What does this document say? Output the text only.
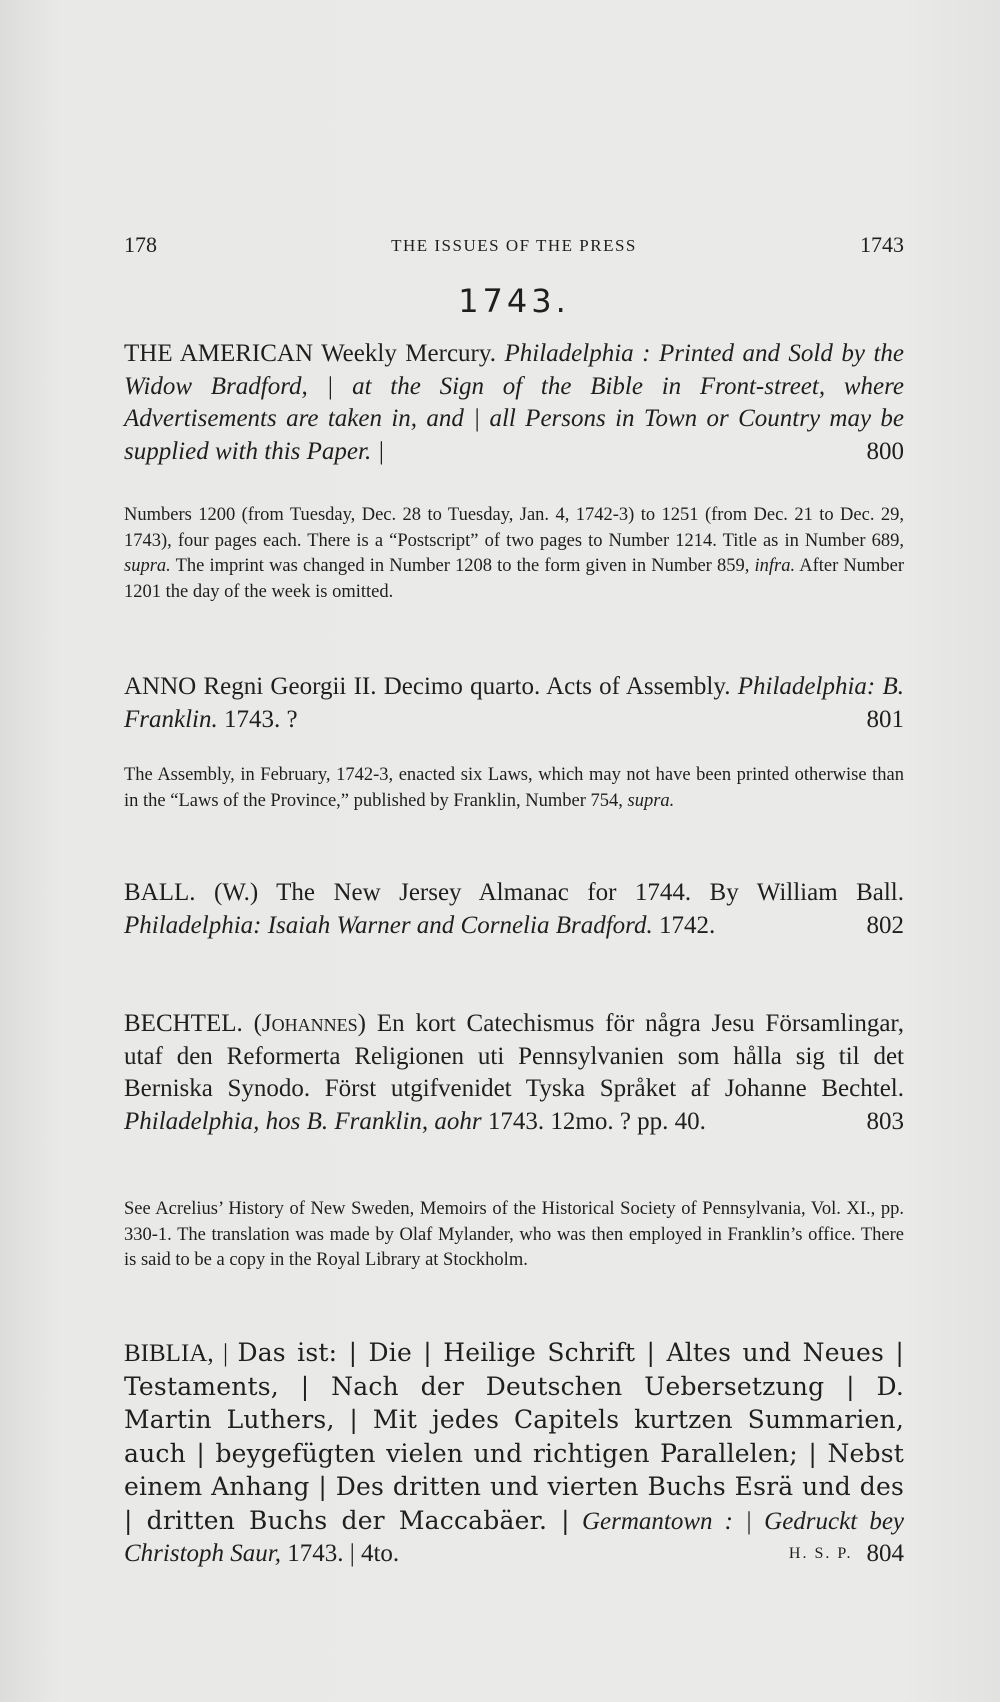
178	THE ISSUES OF THE PRESS	1743
1743.
THE AMERICAN Weekly Mercury. Philadelphia : Printed and Sold by the Widow Bradford, | at the Sign of the Bible in Front-street, where Advertisements are taken in, and | all Persons in Town or Country may be supplied with this Paper. |	800
Numbers 1200 (from Tuesday, Dec. 28 to Tuesday, Jan. 4, 1742-3) to 1251 (from Dec. 21 to Dec. 29, 1743), four pages each. There is a “Postscript” of two pages to Number 1214. Title as in Number 689, supra. The imprint was changed in Number 1208 to the form given in Number 859, infra. After Number 1201 the day of the week is omitted.
ANNO Regni Georgii II. Decimo quarto. Acts of Assembly. Philadelphia: B. Franklin. 1743. ?	801
The Assembly, in February, 1742-3, enacted six Laws, which may not have been printed otherwise than in the “Laws of the Province,” published by Franklin, Number 754, supra.
BALL. (W.) The New Jersey Almanac for 1744. By William Ball. Philadelphia: Isaiah Warner and Cornelia Bradford. 1742.	802
BECHTEL. (Johannes) En kort Catechismus för några Jesu Församlingar, utaf den Reformerta Religionen uti Pennsylvanien som hålla sig til det Berniska Synodo. Först utgifvenidet Tyska Språket af Johanne Bechtel. Philadelphia, hos B. Franklin, aohr 1743. 12mo. ? pp. 40.	803
See Acrelius’ History of New Sweden, Memoirs of the Historical Society of Pennsylvania, Vol. XI., pp. 330-1. The translation was made by Olaf Mylander, who was then employed in Franklin’s office. There is said to be a copy in the Royal Library at Stockholm.
BIBLIA, | Das ist: | Die | Heilige Schrift | Altes und Neues | Testaments, | Nach der Deutschen Uebersetzung | D. Martin Luthers, | Mit jedes Capitels kurtzen Summarien, auch | beygefügten vielen und richtigen Parallelen; | Nebst einem Anhang | Des dritten und vierten Buchs Esrä und des | dritten Buchs der Maccabäer. | Germantown : | Gedruckt bey Christoph Saur, 1743. | 4to.	804
H. S. P.
